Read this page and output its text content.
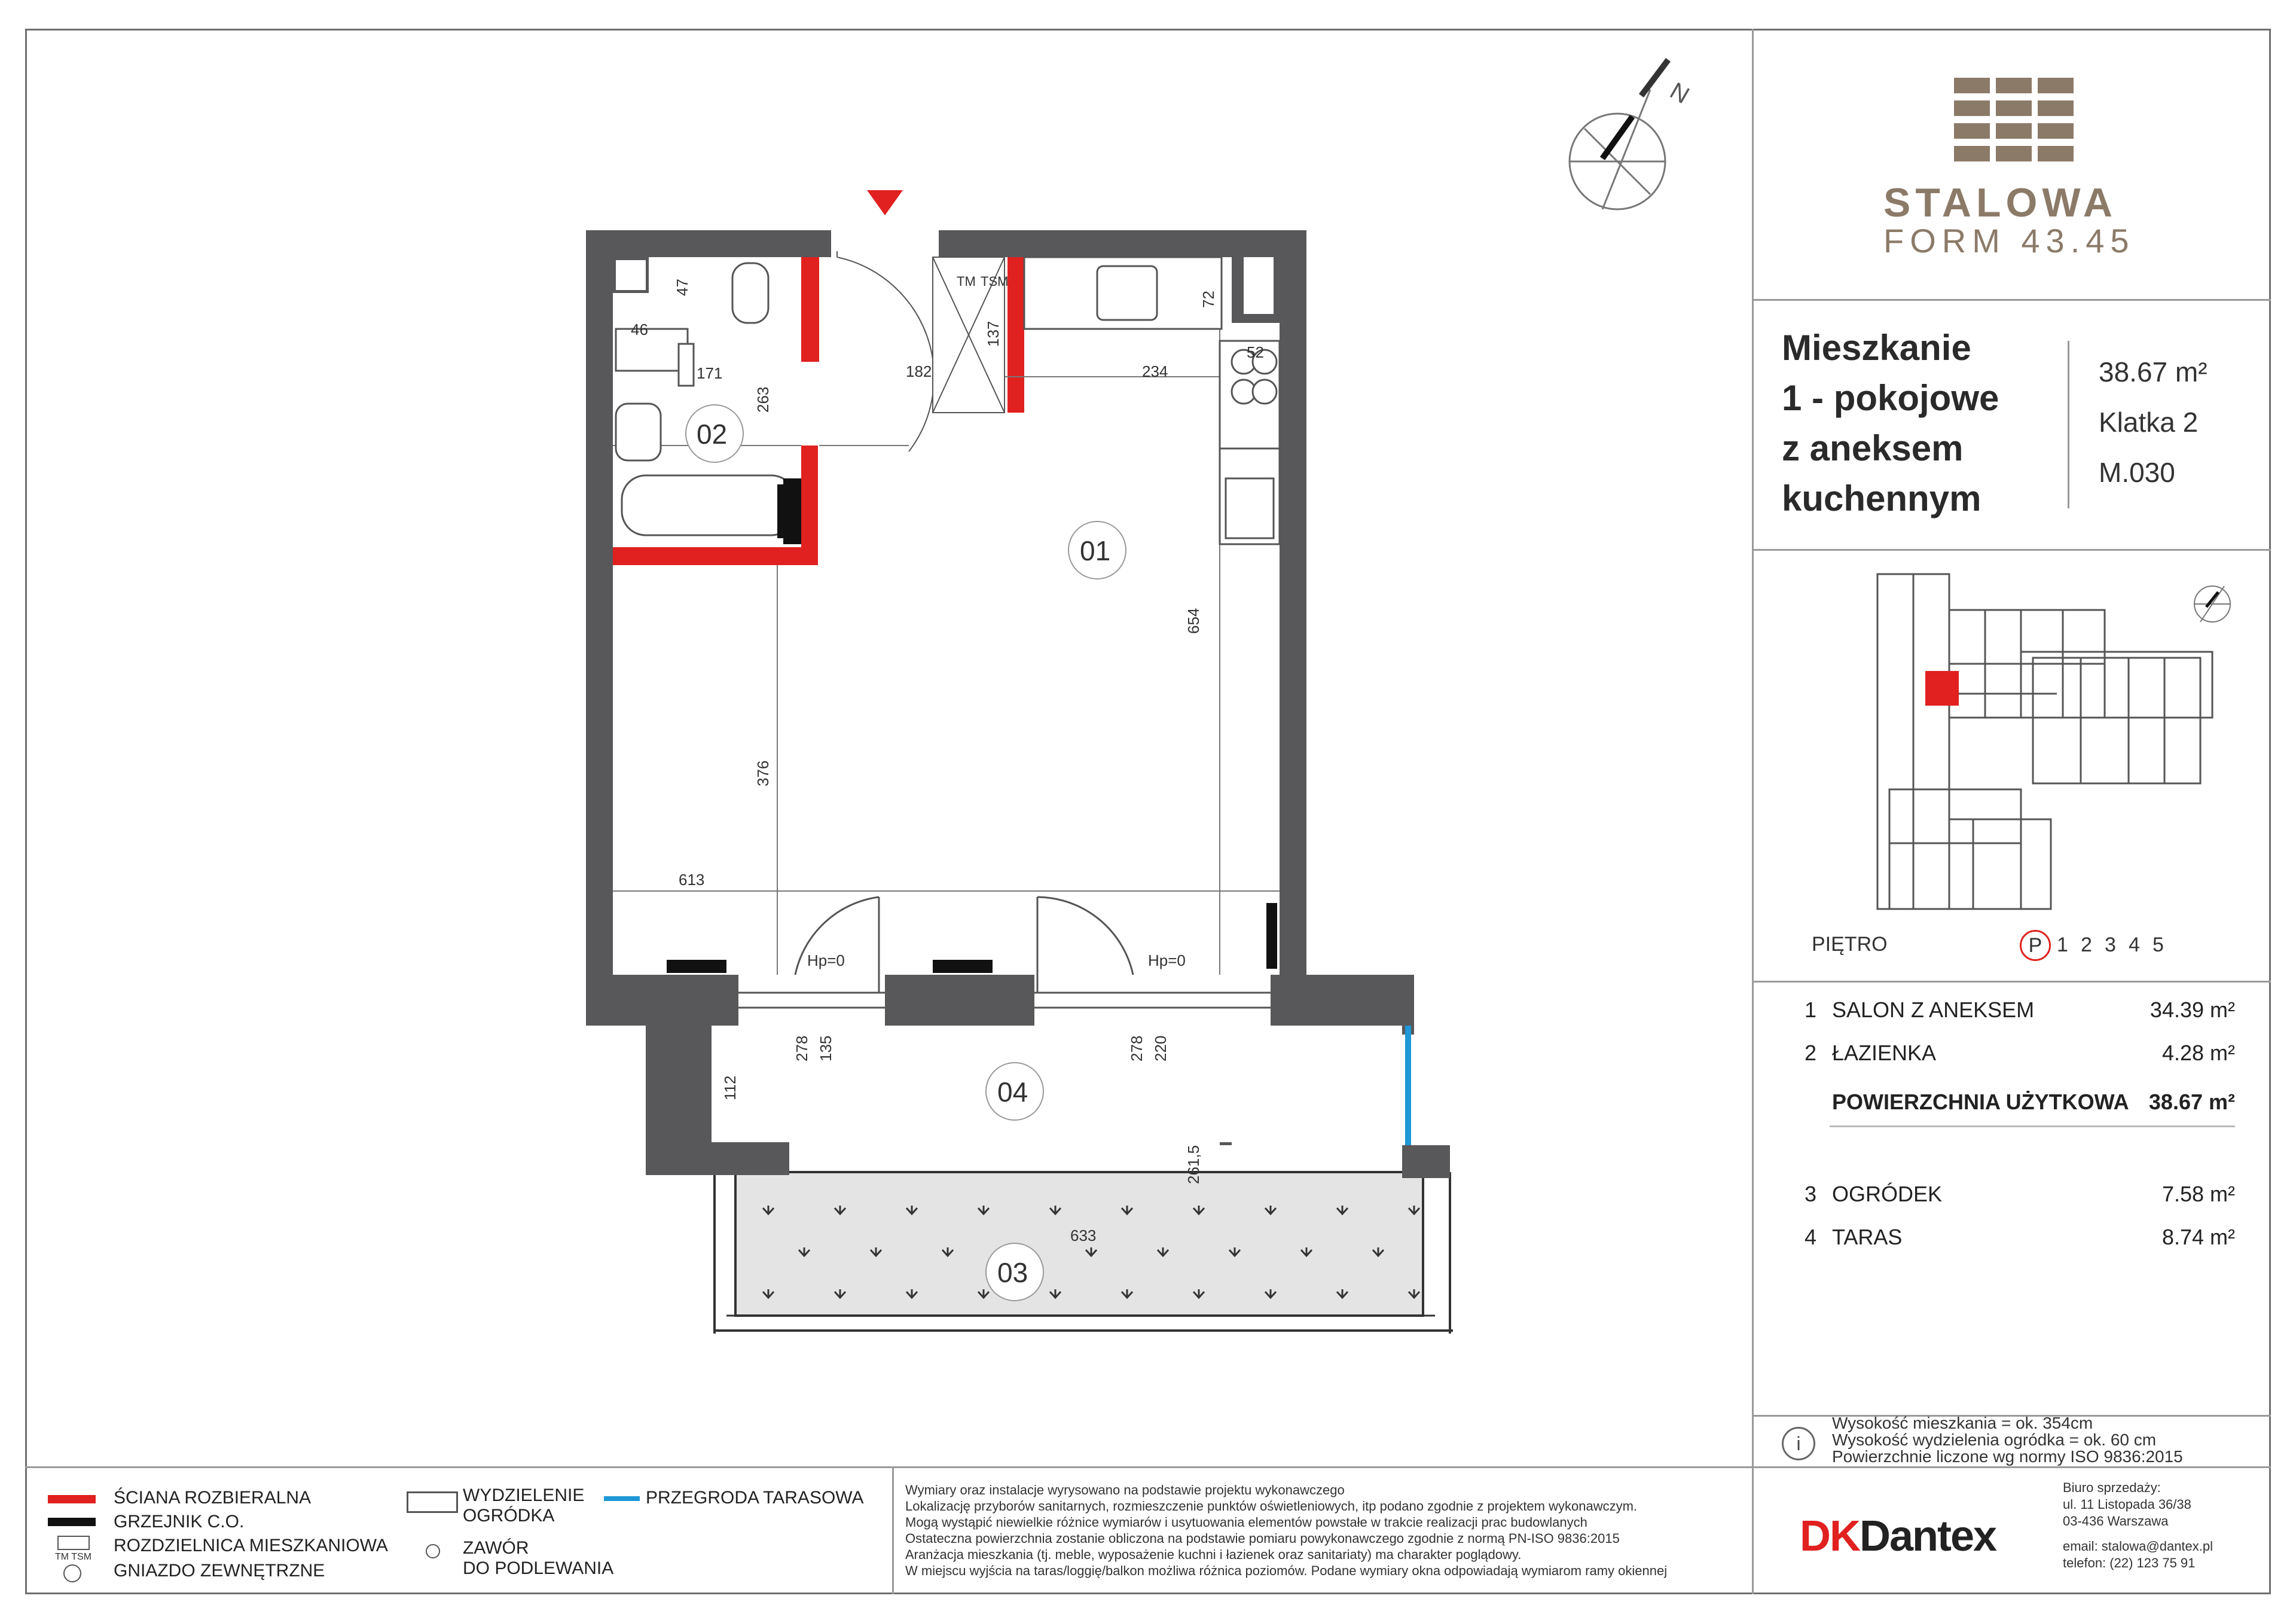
N
02
01
03
04
47
46
171
263
182
137
234
72
52
654
376
613
135
278	220
278
112
261,5
633
Hp=0	Hp=0
TM TSM
STALOWA
FORM 43.45
Mieszkanie
1 - pokojowe
z aneksem
kuchennym
38.67 m²
Klatka 2
M.030
PIĘTRO	P 1 2 3 4 5
1 SALON Z ANEKSEM	34.39 m²
2 ŁAZIENKA	4.28 m²
POWIERZCHNIA UŻYTKOWA 38.67 m²
3 OGRÓDEK	7.58 m²
4 TARAS	8.74 m²
i
Wysokość mieszkania = ok. 354cm
Wysokość wydzielenia ogródka = ok. 60 cm
Powierzchnie liczone wg normy ISO 9836:2015
ŚCIANA ROZBIERALNA
GRZEJNIK C.O.
TM TSM
ROZDZIELNICA MIESZKANIOWA
GNIAZDO ZEWNĘTRZNE
WYDZIELENIE
OGRÓDKA
ZAWÓR
DO PODLEWANIA
PRZEGRODA TARASOWA	Wymiary oraz instalacje wyrysowano na podstawie projektu wykonawczego
Lokalizację przyborów sanitarnych, rozmieszczenie punktów oświetleniowych, itp podano zgodnie z projektem wykonawczym.
Mogą wystąpić niewielkie różnice wymiarów i usytuowania elementów powstałe w trakcie realizacji prac budowlanych
Ostateczna powierzchnia zostanie obliczona na podstawie pomiaru powykonawczego zgodnie z normą PN-ISO 9836:2015
Aranżacja mieszkania (tj. meble, wyposażenie kuchni i łazienek oraz sanitariaty) ma charakter poglądowy.
W miejscu wyjścia na taras/loggię/balkon możliwa różnica poziomów. Podane wymiary okna odpowiadają wymiarom ramy okiennej
DKDantex
Biuro sprzedaży:
ul. 11 Listopada 36/38
03-436 Warszawa
email: stalowa@dantex.pl
telefon: (22) 123 75 91
